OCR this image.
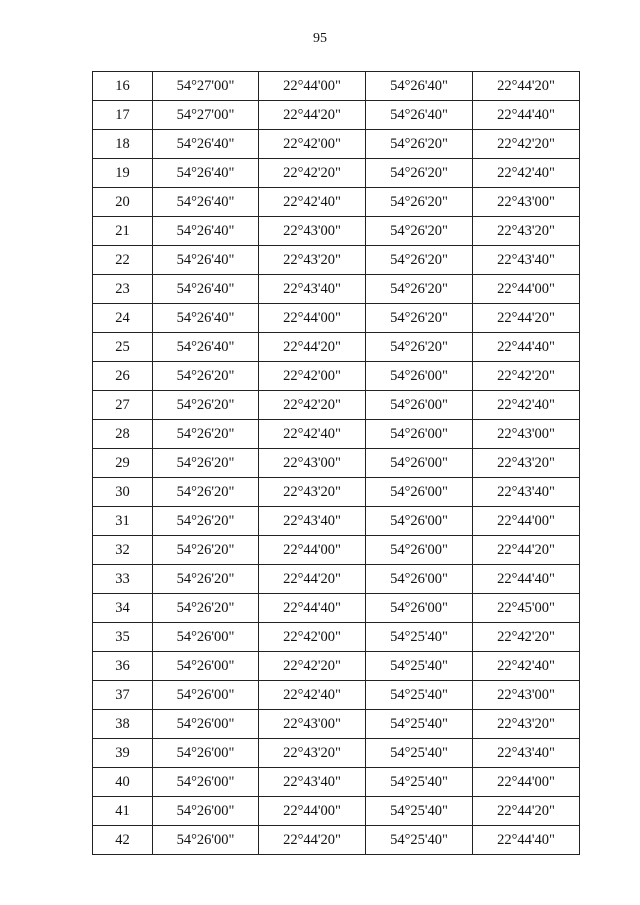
95
16	54°27'00"	22°44'00"	54°26'40"	22°44'20"
17	54°27'00"	22°44'20"	54°26'40"	22°44'40"
18	54°26'40"	22°42'00"	54°26'20"	22°42'20"
19	54°26'40"	22°42'20"	54°26'20"	22°42'40"
20	54°26'40"	22°42'40"	54°26'20"	22°43'00"
21	54°26'40"	22°43'00"	54°26'20"	22°43'20"
22	54°26'40"	22°43'20"	54°26'20"	22°43'40"
23	54°26'40"	22°43'40"	54°26'20"	22°44'00"
24	54°26'40"	22°44'00"	54°26'20"	22°44'20"
25	54°26'40"	22°44'20"	54°26'20"	22°44'40"
26	54°26'20"	22°42'00"	54°26'00"	22°42'20"
27	54°26'20"	22°42'20"	54°26'00"	22°42'40"
28	54°26'20"	22°42'40"	54°26'00"	22°43'00"
29	54°26'20"	22°43'00"	54°26'00"	22°43'20"
30	54°26'20"	22°43'20"	54°26'00"	22°43'40"
31	54°26'20"	22°43'40"	54°26'00"	22°44'00"
32	54°26'20"	22°44'00"	54°26'00"	22°44'20"
33	54°26'20"	22°44'20"	54°26'00"	22°44'40"
34	54°26'20"	22°44'40"	54°26'00"	22°45'00"
35	54°26'00"	22°42'00"	54°25'40"	22°42'20"
36	54°26'00"	22°42'20"	54°25'40"	22°42'40"
37	54°26'00"	22°42'40"	54°25'40"	22°43'00"
38	54°26'00"	22°43'00"	54°25'40"	22°43'20"
39	54°26'00"	22°43'20"	54°25'40"	22°43'40"
40	54°26'00"	22°43'40"	54°25'40"	22°44'00"
41	54°26'00"	22°44'00"	54°25'40"	22°44'20"
42	54°26'00"	22°44'20"	54°25'40"	22°44'40"
